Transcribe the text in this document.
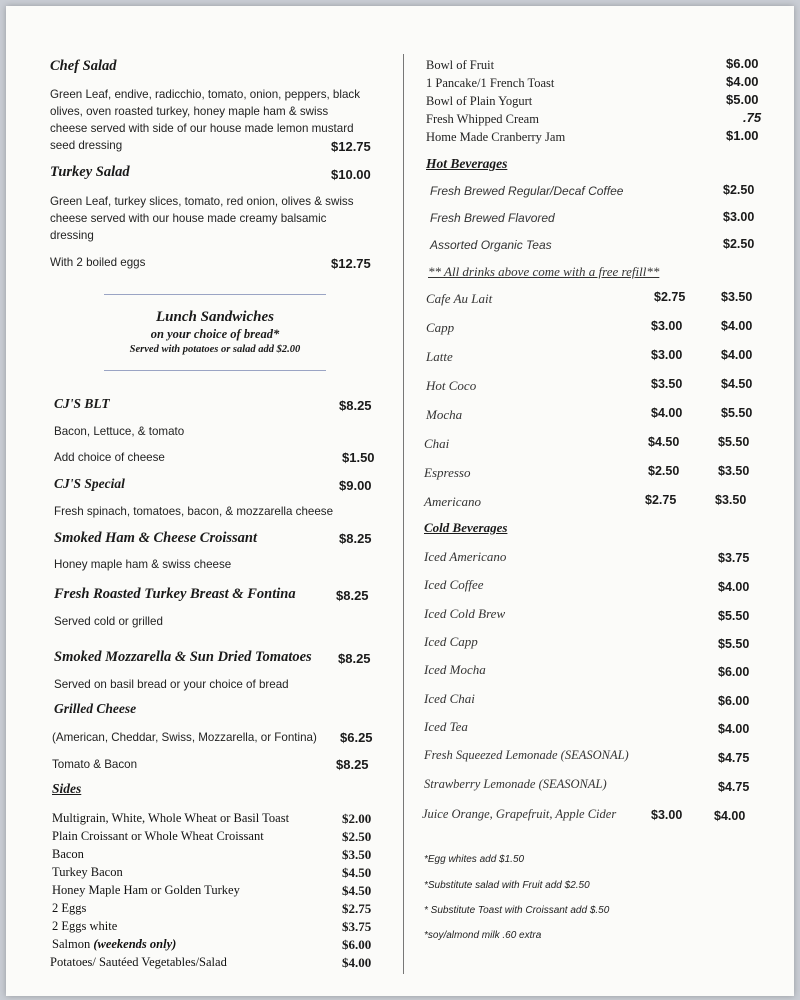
Chef Salad
Green Leaf, endive, radicchio, tomato, onion, peppers, black
olives, oven roasted turkey, honey maple ham & swiss
cheese served with side of our house made lemon mustard
seed dressing	$12.75
Turkey Salad	$10.00
Green Leaf, turkey slices, tomato, red onion, olives & swiss
cheese served with our house made creamy balsamic
dressing
With 2 boiled eggs	$12.75
Lunch Sandwiches
on your choice of bread*
Served with potatoes or salad add $2.00
CJ'S BLT	$8.25
Bacon, Lettuce, & tomato
Add choice of cheese	$1.50
CJ'S Special	$9.00
Fresh spinach, tomatoes, bacon, & mozzarella cheese
Smoked Ham & Cheese Croissant	$8.25
Honey maple ham & swiss cheese
Fresh Roasted Turkey Breast & Fontina	$8.25
Served cold or grilled
Smoked Mozzarella & Sun Dried Tomatoes $8.25
Served on basil bread or your choice of bread
Grilled Cheese
(American, Cheddar, Swiss, Mozzarella, or Fontina) $6.25
Tomato & Bacon	$8.25
Sides
Multigrain, White, Whole Wheat or Basil Toast	$2.00
Plain Croissant or Whole Wheat Croissant	$2.50
Bacon	$3.50
Turkey Bacon	$4.50
Honey Maple Ham or Golden Turkey	$4.50
2 Eggs	$2.75
2 Eggs white	$3.75
Salmon (weekends only)	$6.00
Potatoes/ Sautéed Vegetables/Salad	$4.00
Bowl of Fruit	$6.00
1 Pancake/1 French Toast	$4.00
Bowl of Plain Yogurt	$5.00
Fresh Whipped Cream	.75
Home Made Cranberry Jam	$1.00
Hot Beverages
Fresh Brewed Regular/Decaf Coffee	$2.50
Fresh Brewed Flavored	$3.00
Assorted Organic Teas	$2.50
** All drinks above come with a free refill**
Cafe Au Lait	$2.75	$3.50
Capp	$3.00	$4.00
Latte	$3.00	$4.00
Hot Coco	$3.50	$4.50
Mocha	$4.00	$5.50
Chai	$4.50	$5.50
Espresso	$2.50	$3.50
Americano	$2.75	$3.50
Cold Beverages
Iced Americano	$3.75
Iced Coffee	$4.00
Iced Cold Brew	$5.50
Iced Capp	$5.50
Iced Mocha	$6.00
Iced Chai	$6.00
Iced Tea	$4.00
Fresh Squeezed Lemonade (SEASONAL)	$4.75
Strawberry Lemonade (SEASONAL)	$4.75
Juice Orange, Grapefruit, Apple Cider	$3.00	$4.00
*Egg whites add $1.50
*Substitute salad with Fruit add $2.50
* Substitute Toast with Croissant add $.50
*soy/almond milk .60 extra
